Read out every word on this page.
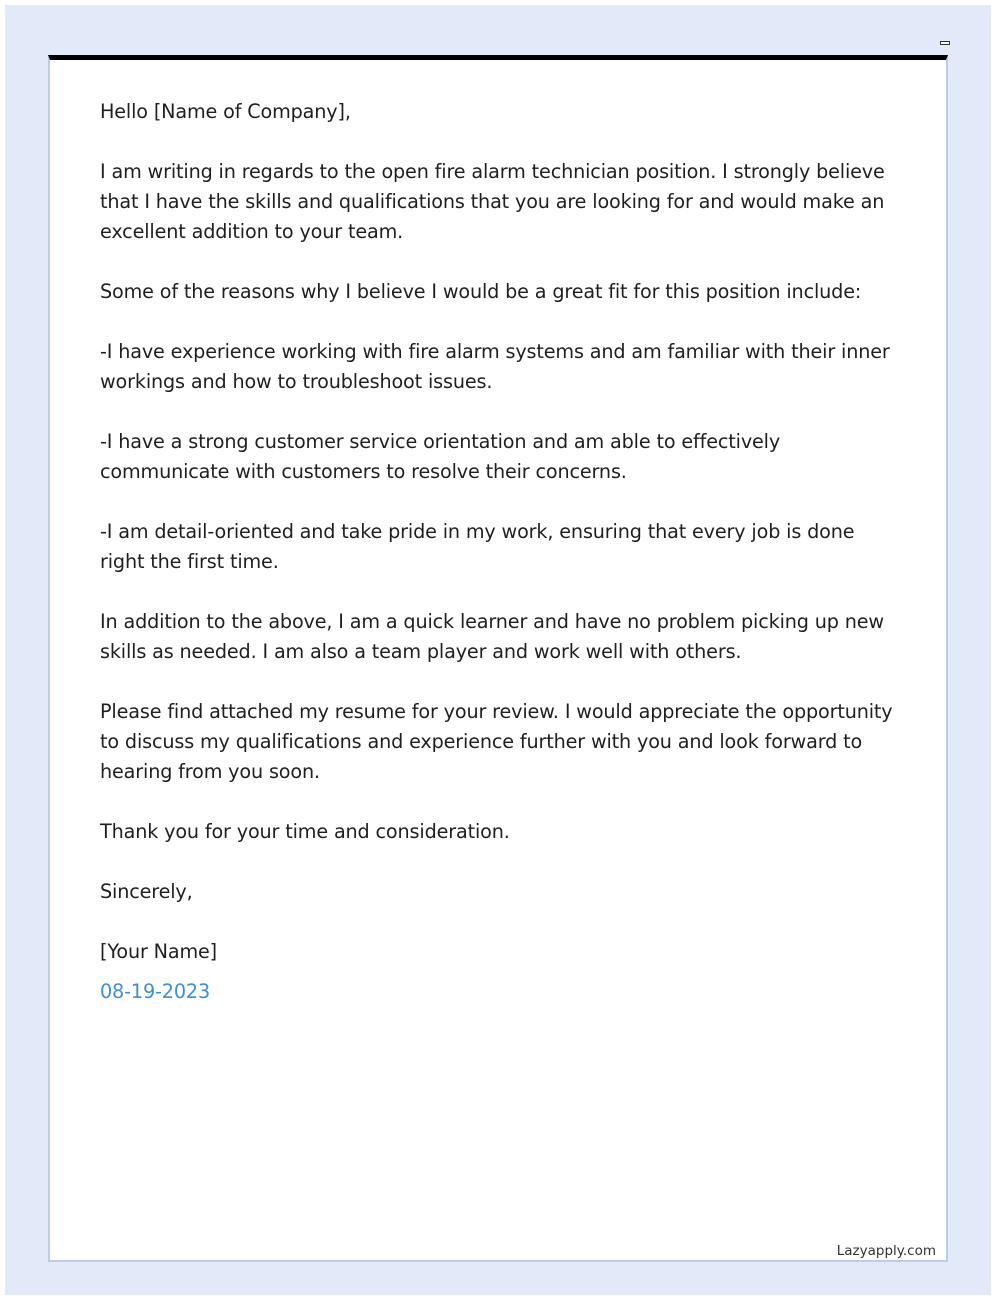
Hello [Name of Company],

I am writing in regards to the open fire alarm technician position. I strongly believe that I have the skills and qualifications that you are looking for and would make an excellent addition to your team.

Some of the reasons why I believe I would be a great fit for this position include:

-I have experience working with fire alarm systems and am familiar with their inner workings and how to troubleshoot issues.

-I have a strong customer service orientation and am able to effectively communicate with customers to resolve their concerns.

-I am detail-oriented and take pride in my work, ensuring that every job is done right the first time.

In addition to the above, I am a quick learner and have no problem picking up new skills as needed. I am also a team player and work well with others.

Please find attached my resume for your review. I would appreciate the opportunity to discuss my qualifications and experience further with you and look forward to hearing from you soon.

Thank you for your time and consideration.

Sincerely,

[Your Name]

08-19-2023

Lazyapply.com
